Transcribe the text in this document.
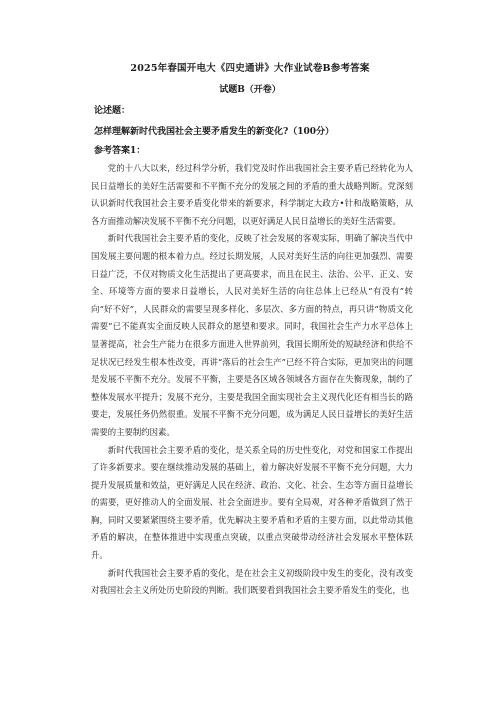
2025年春国开电大《四史通讲》大作业试卷B参考答案
试题B（开卷）
论述题：
怎样理解新时代我国社会主要矛盾发生的新变化?（100分）
参考答案1：

党的十八大以来，经过科学分析，我们党及时作出我国社会主要矛盾已经转化为人民日益增长的美好生活需要和不平衡不充分的发展之间的矛盾的重大战略判断。党深刻认识新时代我国社会主要矛盾变化带来的新要求，科学制定大政方•针和战略策略，从各方面推动解决发展不平衡不充分问题，以更好满足人民日益增长的美好生活需要。

新时代我国社会主要矛盾的变化，反映了社会发展的客观实际，明确了解决当代中国发展主要问题的根本着力点。经过长期发展，人民对美好生活的向往更加强烈、需要日益广泛，不仅对物质文化生活提出了更高要求，而且在民主、法治、公平、正义、安全、环境等方面的要求日益增长，人民对美好生活的向往总体上已经从“有没有”转向“好不好”，人民群众的需要呈现多样化、多层次、多方面的特点，再只讲“物质文化需要”已不能真实全面反映人民群众的愿望和要求。同时，我国社会生产力水平总体上显著提高，社会生产能力在很多方面进入世界前列，我国长期所处的短缺经济和供给不足状况已经发生根本性改变，再讲“落后的社会生产”已经不符合实际，更加突出的问题是发展不平衡不充分。发展不平衡，主要是各区域各领域各方面存在失衡现象，制约了整体发展水平提升；发展不充分，主要是我国全面实现社会主义现代化还有相当长的路要走，发展任务仍然很重。发展不平衡不充分问题，成为满足人民日益增长的美好生活需要的主要制约因素。

新时代我国社会主要矛盾的变化，是关系全局的历史性变化，对党和国家工作提出了许多新要求。要在继续推动发展的基础上，着力解决好发展不平衡不充分问题，大力提升发展质量和效益，更好满足人民在经济、政治、文化、社会、生态等方面日益增长的需要，更好推动人的全面发展、社会全面进步。要有全局观，对各种矛盾做到了然于胸，同时又要紧紧围绕主要矛盾，优先解决主要矛盾和矛盾的主要方面，以此带动其他矛盾的解决，在整体推进中实现重点突破，以重点突破带动经济社会发展水平整体跃升。

新时代我国社会主要矛盾的变化，是在社会主义初级阶段中发生的变化，没有改变对我国社会主义所处历史阶段的判断。我们既要看到我国社会主要矛盾发生的变化，也
